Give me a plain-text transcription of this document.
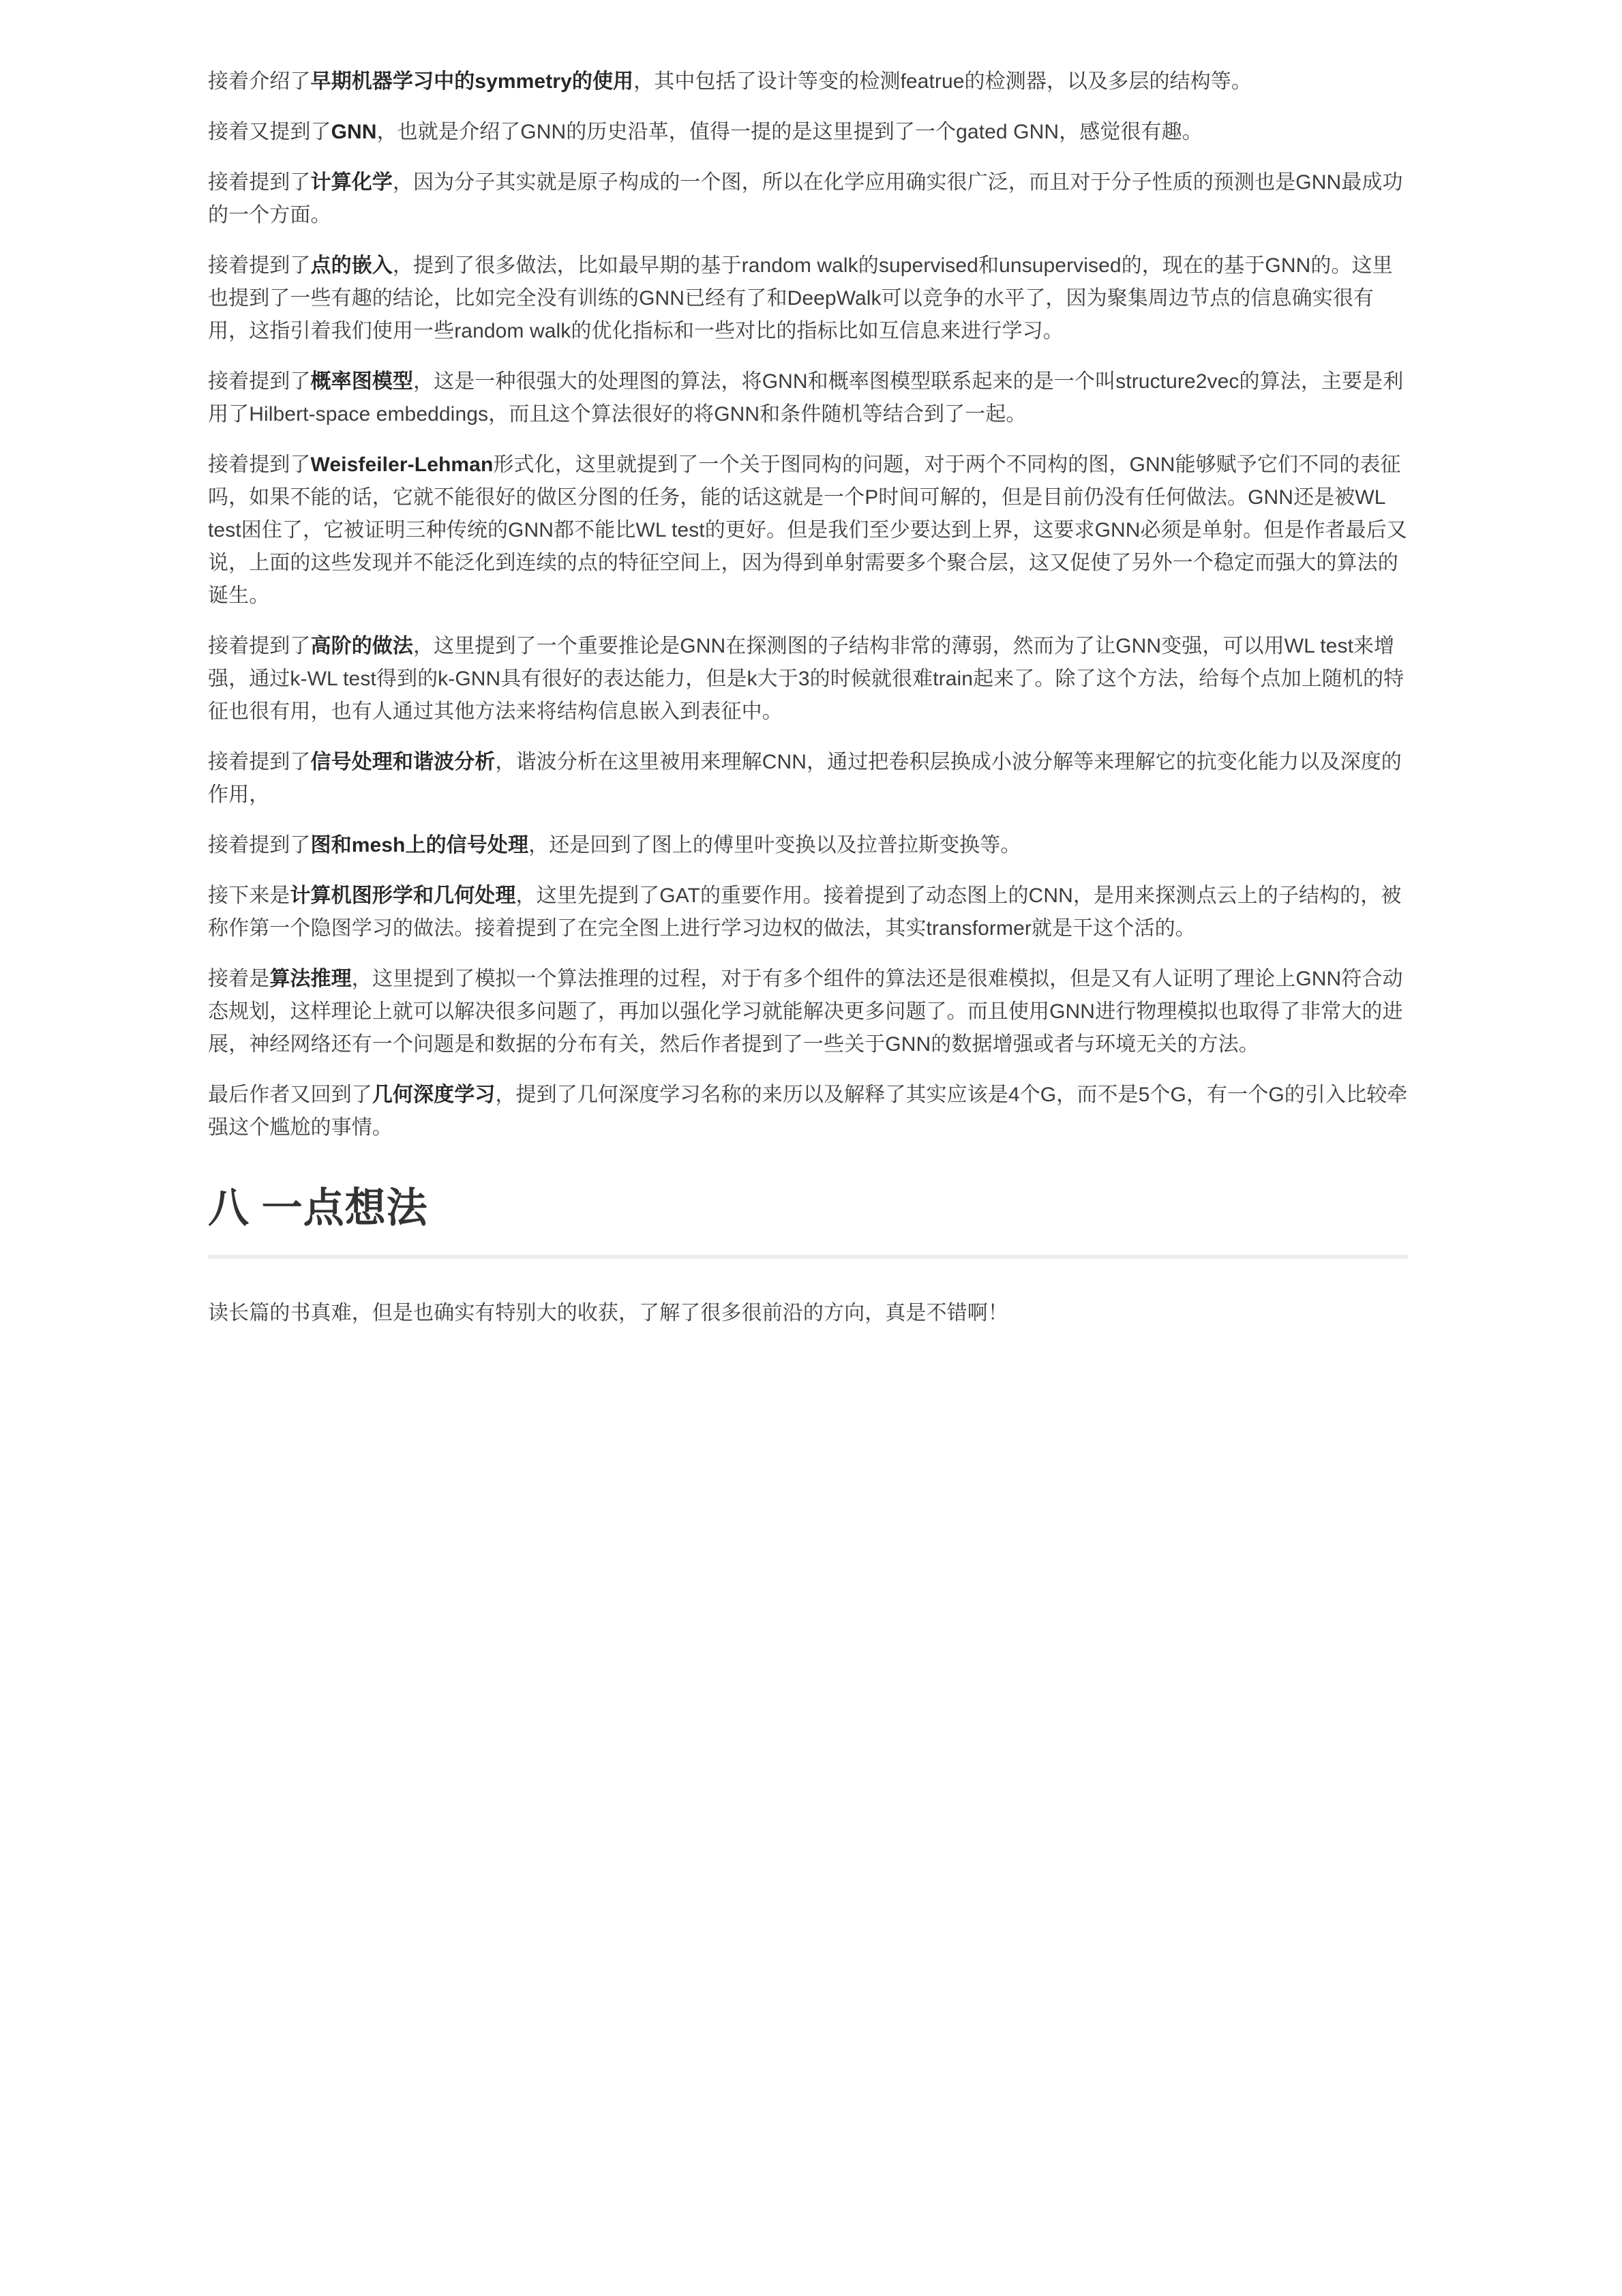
接着介绍了早期机器学习中的symmetry的使用，其中包括了设计等变的检测featrue的检测器，以及多层的结构等。

接着又提到了GNN，也就是介绍了GNN的历史沿革，值得一提的是这里提到了一个gated GNN，感觉很有趣。

接着提到了计算化学，因为分子其实就是原子构成的一个图，所以在化学应用确实很广泛，而且对于分子性质的预测也是GNN最成功的一个方面。

接着提到了点的嵌入，提到了很多做法，比如最早期的基于random walk的supervised和unsupervised的，现在的基于GNN的。这里也提到了一些有趣的结论，比如完全没有训练的GNN已经有了和DeepWalk可以竞争的水平了，因为聚集周边节点的信息确实很有用，这指引着我们使用一些random walk的优化指标和一些对比的指标比如互信息来进行学习。

接着提到了概率图模型，这是一种很强大的处理图的算法，将GNN和概率图模型联系起来的是一个叫structure2vec的算法，主要是利用了Hilbert-space embeddings，而且这个算法很好的将GNN和条件随机等结合到了一起。

接着提到了Weisfeiler-Lehman形式化，这里就提到了一个关于图同构的问题，对于两个不同构的图，GNN能够赋予它们不同的表征吗，如果不能的话，它就不能很好的做区分图的任务，能的话这就是一个P时间可解的，但是目前仍没有任何做法。GNN还是被WL test困住了，它被证明三种传统的GNN都不能比WL test的更好。但是我们至少要达到上界，这要求GNN必须是单射。但是作者最后又说，上面的这些发现并不能泛化到连续的点的特征空间上，因为得到单射需要多个聚合层，这又促使了另外一个稳定而强大的算法的诞生。

接着提到了高阶的做法，这里提到了一个重要推论是GNN在探测图的子结构非常的薄弱，然而为了让GNN变强，可以用WL test来增强，通过k-WL test得到的k-GNN具有很好的表达能力，但是k大于3的时候就很难train起来了。除了这个方法，给每个点加上随机的特征也很有用，也有人通过其他方法来将结构信息嵌入到表征中。

接着提到了信号处理和谐波分析，谐波分析在这里被用来理解CNN，通过把卷积层换成小波分解等来理解它的抗变化能力以及深度的作用，

接着提到了图和mesh上的信号处理，还是回到了图上的傅里叶变换以及拉普拉斯变换等。

接下来是计算机图形学和几何处理，这里先提到了GAT的重要作用。接着提到了动态图上的CNN，是用来探测点云上的子结构的，被称作第一个隐图学习的做法。接着提到了在完全图上进行学习边权的做法，其实transformer就是干这个活的。

接着是算法推理，这里提到了模拟一个算法推理的过程，对于有多个组件的算法还是很难模拟，但是又有人证明了理论上GNN符合动态规划，这样理论上就可以解决很多问题了，再加以强化学习就能解决更多问题了。而且使用GNN进行物理模拟也取得了非常大的进展，神经网络还有一个问题是和数据的分布有关，然后作者提到了一些关于GNN的数据增强或者与环境无关的方法。

最后作者又回到了几何深度学习，提到了几何深度学习名称的来历以及解释了其实应该是4个G，而不是5个G，有一个G的引入比较牵强这个尴尬的事情。

八 一点想法

读长篇的书真难，但是也确实有特别大的收获，了解了很多很前沿的方向，真是不错啊！
